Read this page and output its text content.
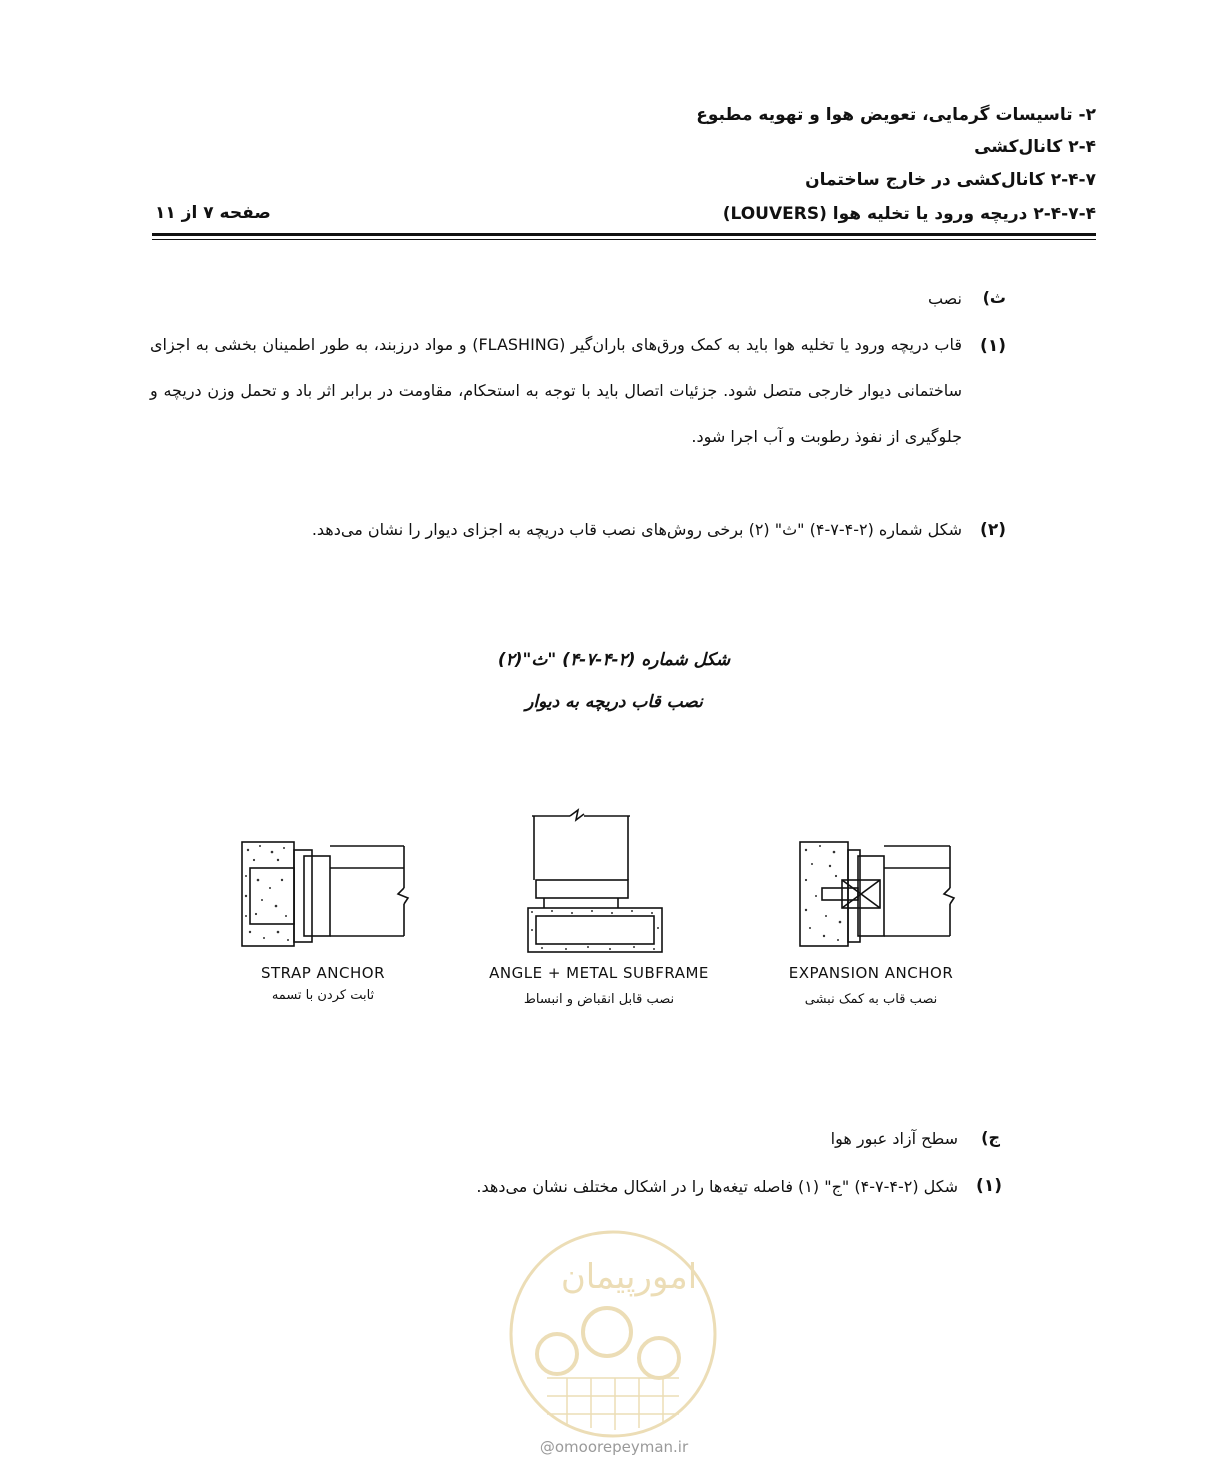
۲- تاسیسات گرمایی، تعویض هوا و تهویه مطبوع
۲-۴ کانال‌کشی
۲-۴-۷ کانال‌کشی در خارج ساختمان
۲-۴-۷-۴ دریچه ورود یا تخلیه هوا (LOUVERS)
صفحه ۷ از ۱۱
ث)
نصب
(۱)
قاب دریچه ورود یا تخلیه هوا باید به کمک ورق‌های باران‌گیر (FLASHING) و مواد درزبند، به طور اطمینان بخشی به اجزای ساختمانی دیوار خارجی متصل شود. جزئیات اتصال باید با توجه به استحکام، مقاومت در برابر اثر باد و تحمل وزن دریچه و جلوگیری از نفوذ رطوبت و آب اجرا شود.
(۲)
شکل شماره (۲-۴-۷-۴) "ث" (۲) برخی روش‌های نصب قاب دریچه به اجزای دیوار را نشان می‌دهد.
شکل شماره (۲-۴-۷-۴) "ث"(۲)
نصب قاب دریچه به دیوار
STRAP ANCHOR
ثابت کردن با تسمه
ANGLE + METAL SUBFRAME
نصب قابل انقباض و انبساط
EXPANSION ANCHOR
نصب قاب به کمک نبشی
ج)
سطح آزاد عبور هوا
(۱)
شکل (۲-۴-۷-۴) "ج" (۱) فاصله تیغه‌ها را در اشکال مختلف نشان می‌دهد.
امورپیمان
@omoorepeyman.ir
